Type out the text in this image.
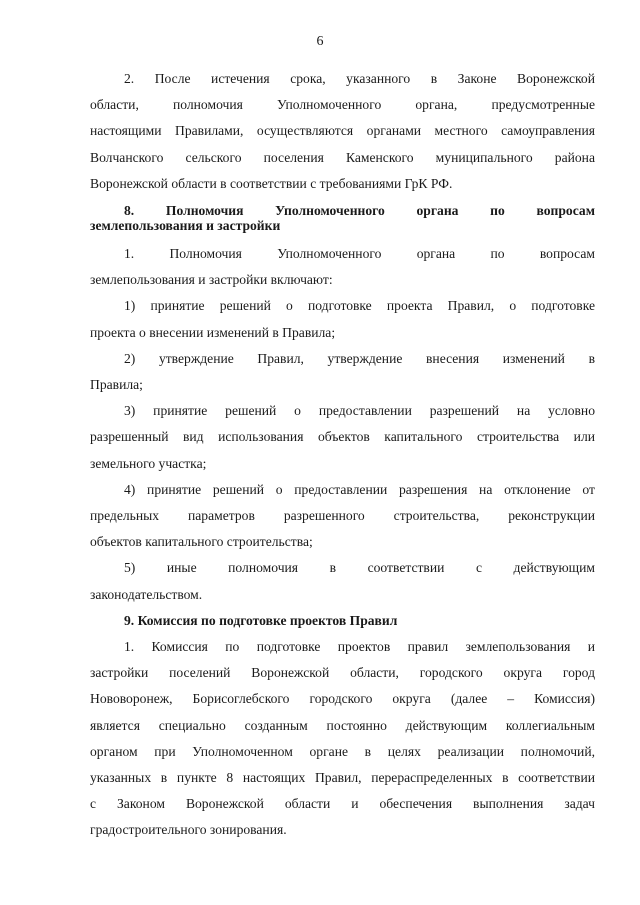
6

2. После истечения срока, указанного в Законе Воронежской

области, полномочия Уполномоченного органа, предусмотренные

настоящими Правилами, осуществляются органами местного самоуправления

Волчанского сельского поселения Каменского муниципального района

Воронежской области в соответствии с требованиями ГрК РФ.

8. Полномочия Уполномоченного органа по вопросам

землепользования и застройки

1. Полномочия Уполномоченного органа по вопросам

землепользования и застройки включают:

1) принятие решений о подготовке проекта Правил, о подготовке

проекта о внесении изменений в Правила;

2) утверждение Правил, утверждение внесения изменений в

Правила;

3) принятие решений о предоставлении разрешений на условно

разрешенный вид использования объектов капитального строительства или

земельного участка;

4) принятие решений о предоставлении разрешения на отклонение от

предельных параметров разрешенного строительства, реконструкции

объектов капитального строительства;

5) иные полномочия в соответствии с действующим

законодательством.

9. Комиссия по подготовке проектов Правил

1. Комиссия по подготовке проектов правил землепользования и

застройки поселений Воронежской области, городского округа город

Нововоронеж, Борисоглебского городского округа (далее – Комиссия)

является специально созданным постоянно действующим коллегиальным

органом при Уполномоченном органе в целях реализации полномочий,

указанных в пункте 8 настоящих Правил, перераспределенных в соответствии

с Законом Воронежской области и обеспечения выполнения задач

градостроительного зонирования.
